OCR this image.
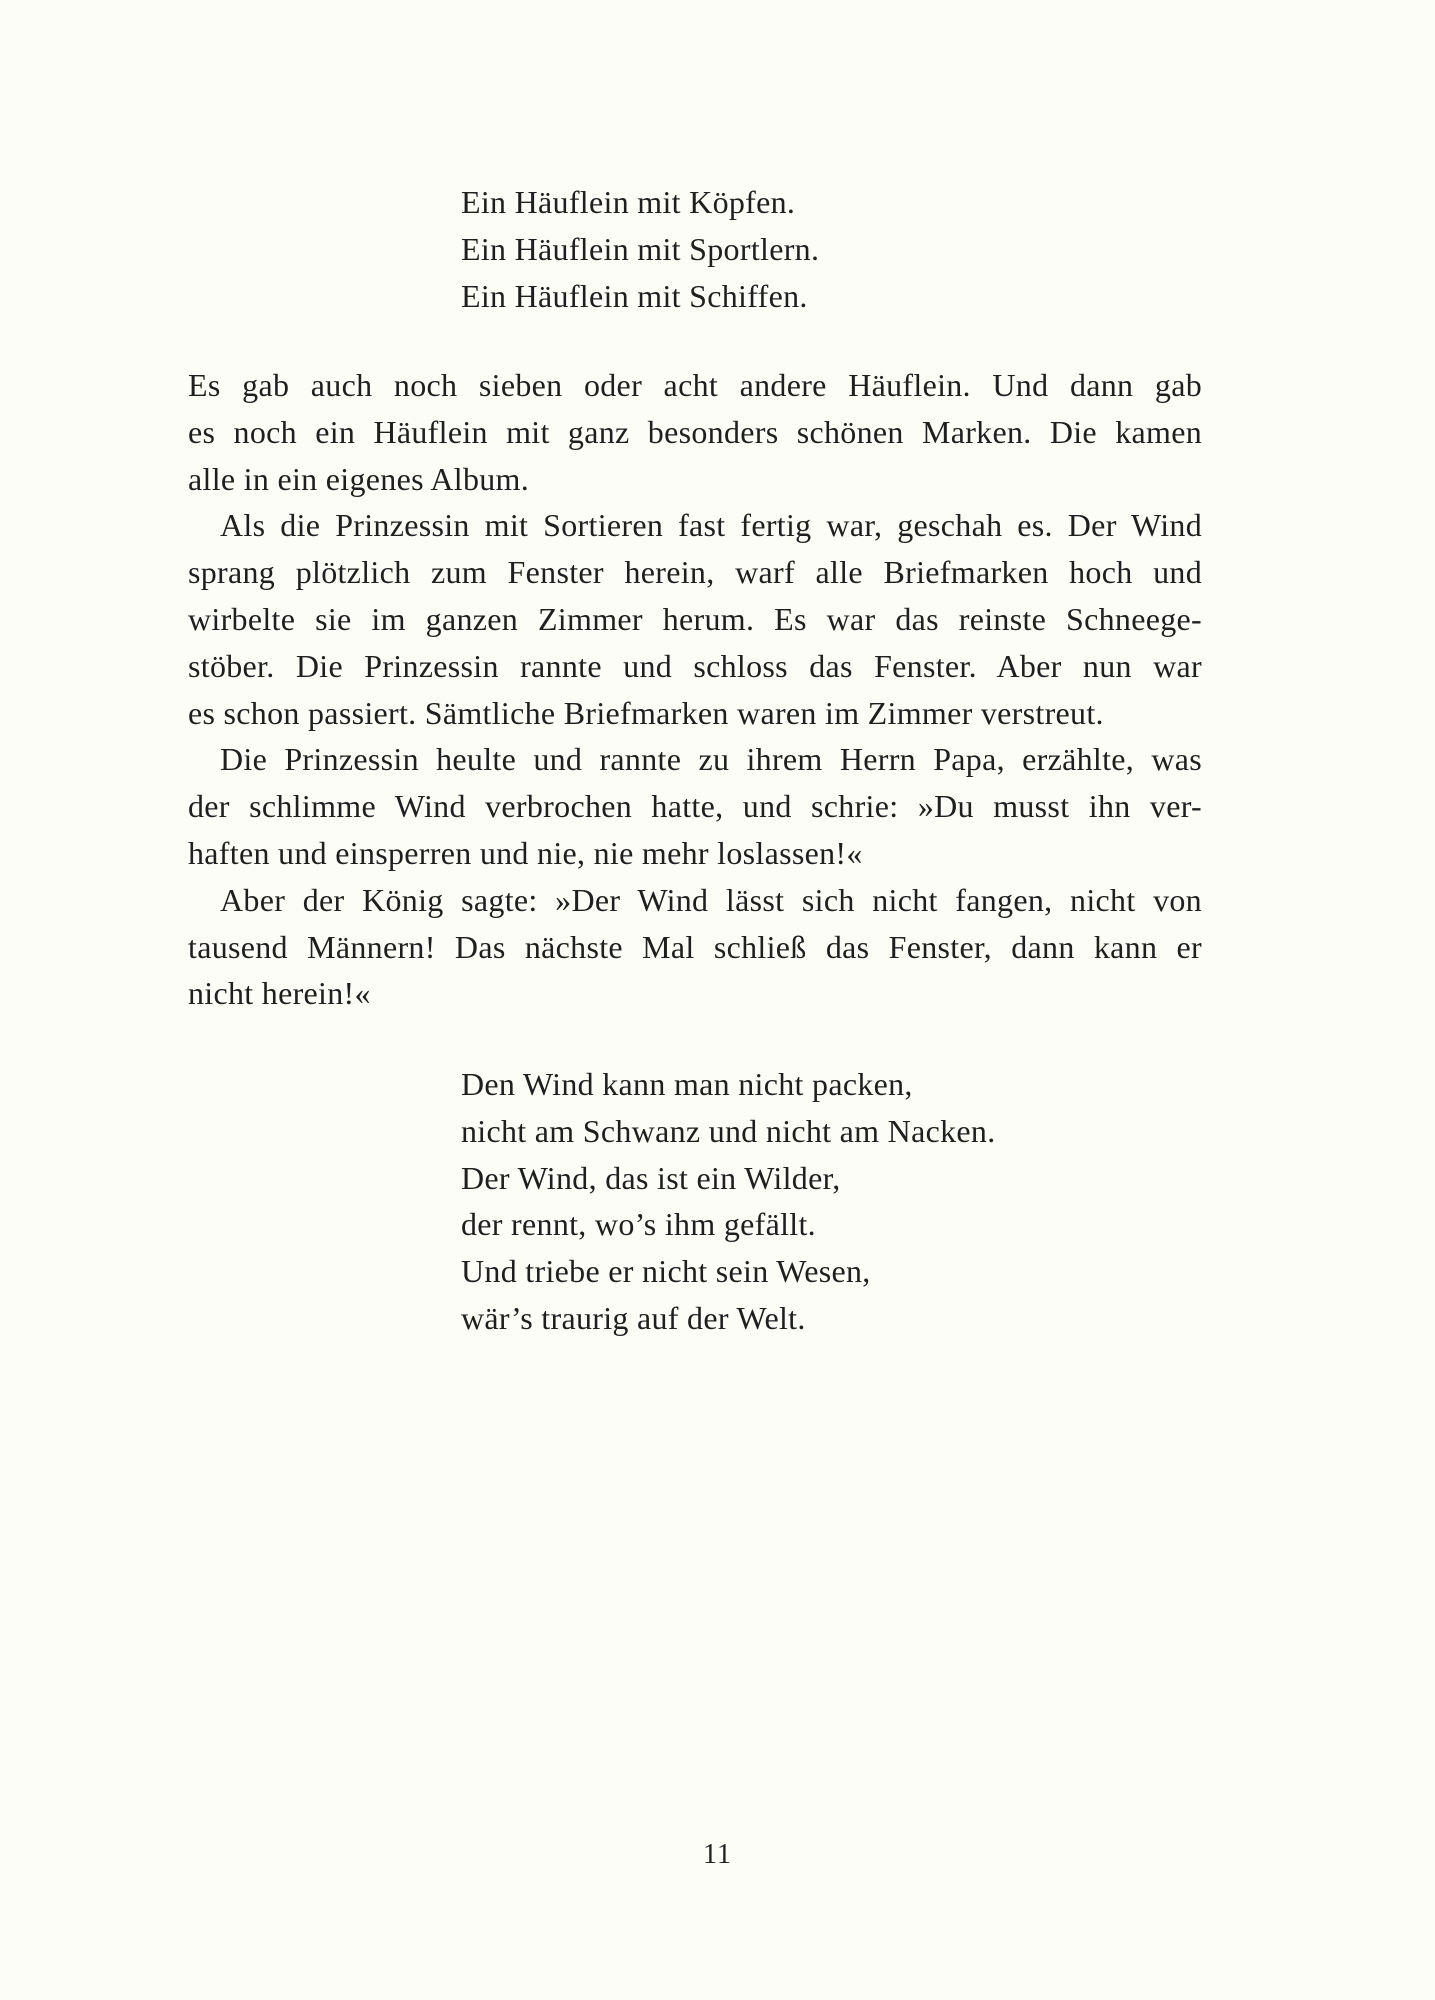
Ein Häuflein mit Köpfen.
Ein Häuflein mit Sportlern.
Ein Häuflein mit Schiffen.
Es gab auch noch sieben oder acht andere Häuflein. Und dann gab
es noch ein Häuflein mit ganz besonders schönen Marken. Die kamen
alle in ein eigenes Album.
Als die Prinzessin mit Sortieren fast fertig war, geschah es. Der Wind
sprang plötzlich zum Fenster herein, warf alle Briefmarken hoch und
wirbelte sie im ganzen Zimmer herum. Es war das reinste Schneege-
stöber. Die Prinzessin rannte und schloss das Fenster. Aber nun war
es schon passiert. Sämtliche Briefmarken waren im Zimmer verstreut.
Die Prinzessin heulte und rannte zu ihrem Herrn Papa, erzählte, was
der schlimme Wind verbrochen hatte, und schrie: »Du musst ihn ver-
haften und einsperren und nie, nie mehr loslassen!«
Aber der König sagte: »Der Wind lässt sich nicht fangen, nicht von
tausend Männern! Das nächste Mal schließ das Fenster, dann kann er
nicht herein!«
Den Wind kann man nicht packen,
nicht am Schwanz und nicht am Nacken.
Der Wind, das ist ein Wilder,
der rennt, wo’s ihm gefällt.
Und triebe er nicht sein Wesen,
wär’s traurig auf der Welt.
11
